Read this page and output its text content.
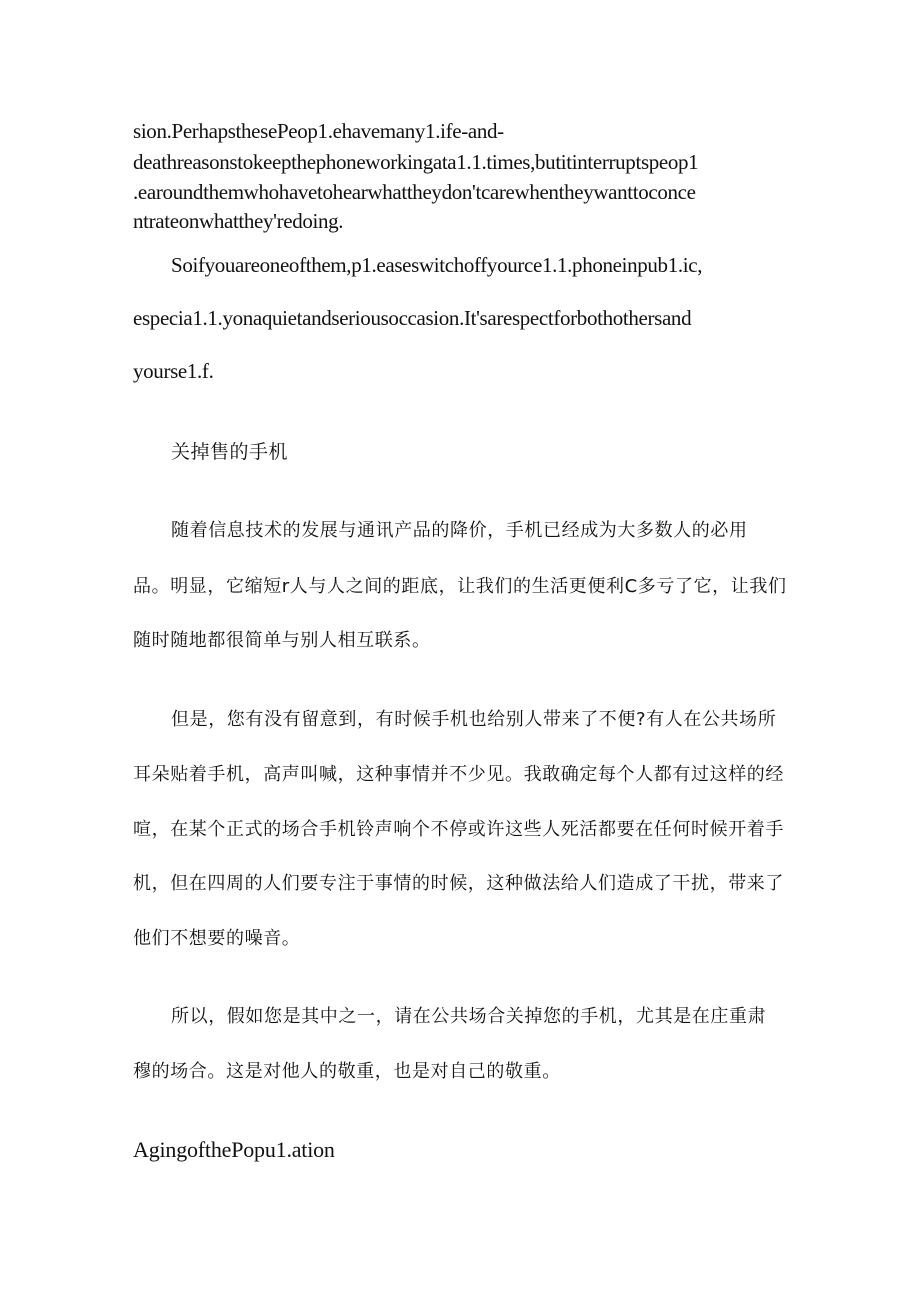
sion.PerhapsthesePeop1.ehavemany1.ife-and-

deathreasonstokeepthephoneworkingata1.1.times,butitinterruptspeop1

.earoundthemwhohavetohearwhattheydon'tcarewhentheywanttoconce

ntrateonwhatthey'redoing.

Soifyouareoneofthem,p1.easeswitchoffyource1.1.phoneinpub1.ic,

especia1.1.yonaquietandseriousoccasion.It'sarespectforbothothersand

yourse1.f.

关掉售的手机

随着信息技术的发展与通讯产品的降价，手机已经成为大多数人的必用

品。明显，它缩短r人与人之间的距底，让我们的生活更便利C多亏了它，让我们

随时随地都很简单与别人相互联系。

但是，您有没有留意到，有时候手机也给别人带来了不便?有人在公共场所

耳朵贴着手机，高声叫喊，这种事情并不少见。我敢确定每个人都有过这样的经

喧，在某个正式的场合手机铃声响个不停或许这些人死活都要在任何时候开着手

机，但在四周的人们要专注于事情的时候，这种做法给人们造成了干扰，带来了

他们不想要的噪音。

所以，假如您是其中之一，请在公共场合关掉您的手机，尤其是在庄重肃

穆的场合。这是对他人的敬重，也是对自己的敬重。

AgingofthePopu1.ation
